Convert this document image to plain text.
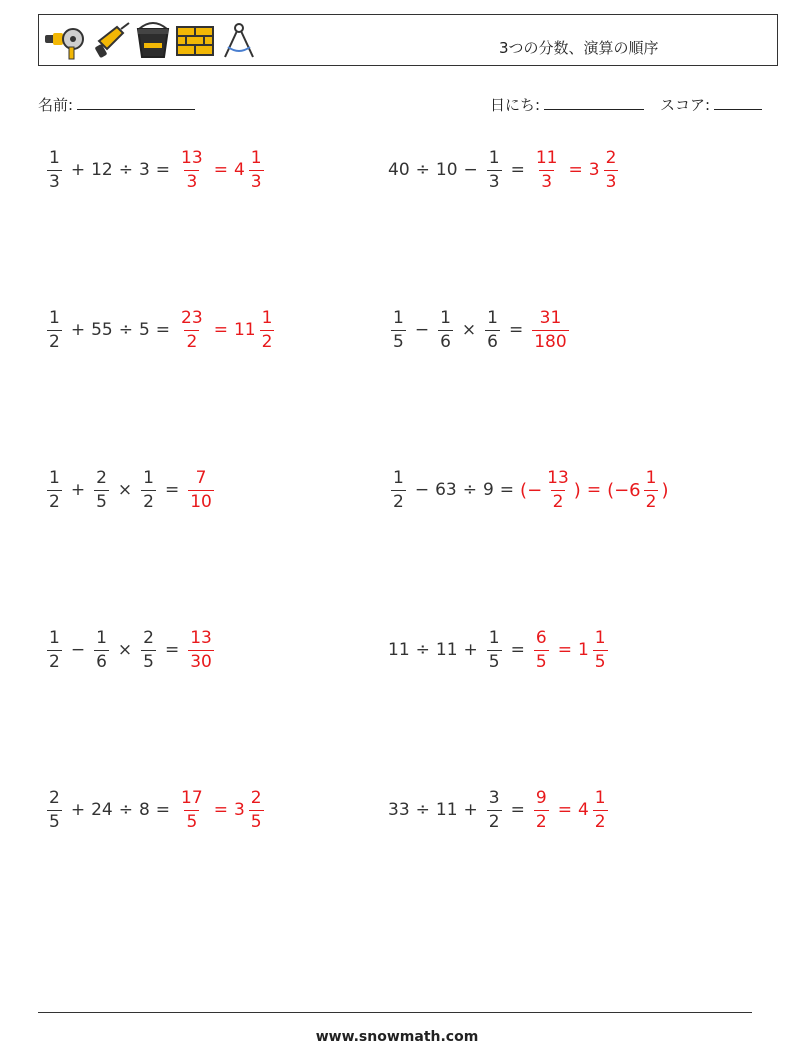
3つの分数、演算の順序
名前:	日にち:	スコア:
$\frac{1}{3} + 12 \div 3 = \frac{13}{3} = 4 \frac{1}{3}$	$40 \div 10 - \frac{1}{3} = \frac{11}{3} = 3 \frac{2}{3}$
$\frac{1}{2} + 55 \div 5 = \frac{23}{2} = 11 \frac{1}{2}$	$\frac{1}{5} - \frac{1}{6} \times \frac{1}{6} = \frac{31}{180}$
$\frac{1}{2} + \frac{2}{5} \times \frac{1}{2} = \frac{7}{10}$	$\frac{1}{2} - 63 \div 9$ = (− $\frac{13}{2}$ ) = ($-6 \frac{1}{2}$ )
$\frac{1}{2} - \frac{1}{6} \times \frac{2}{5} = \frac{13}{30}$	$11 \div 11 + \frac{1}{5} = \frac{6}{5} = 1 \frac{1}{5}$
$\frac{2}{5} + 24 \div 8 = \frac{17}{5} = 3 \frac{2}{5}$	$33 \div 11 + \frac{3}{2} = \frac{9}{2} = 4 \frac{1}{2}$
www.snowmath.com
